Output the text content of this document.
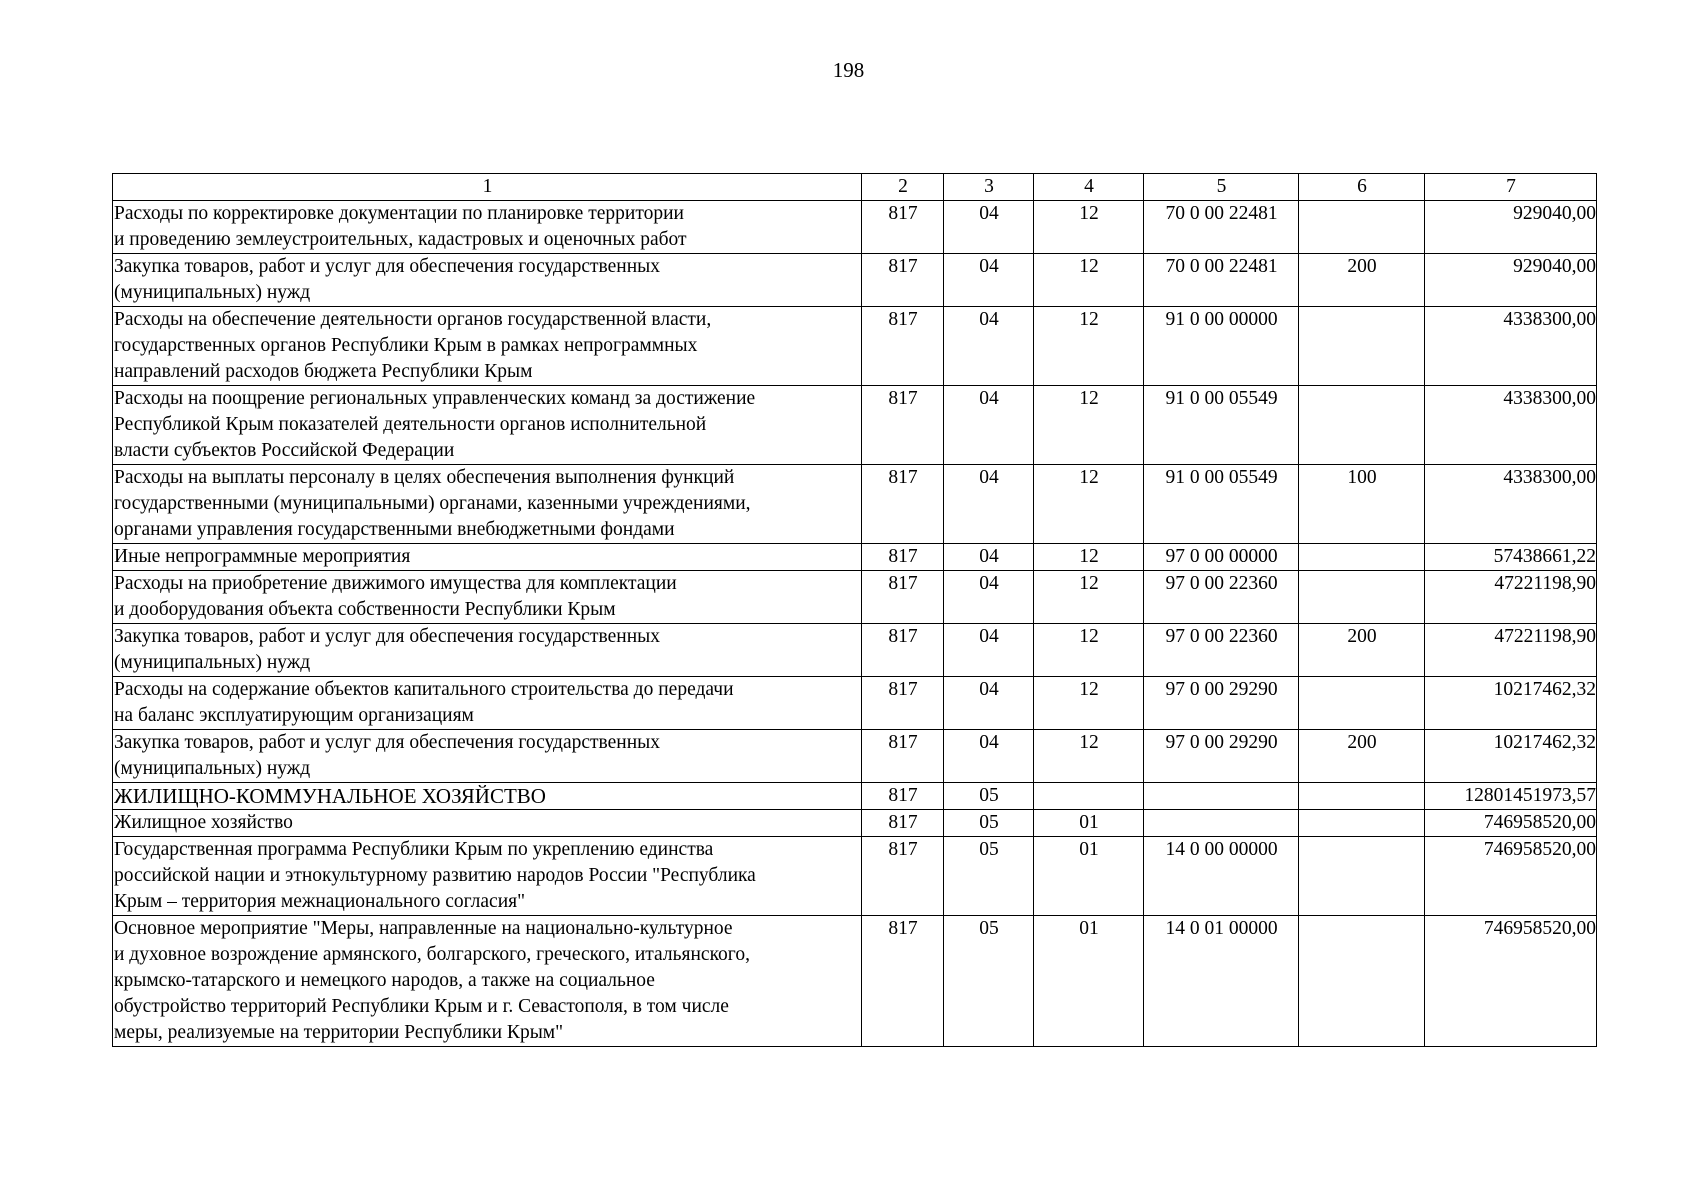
198
1	2	3	4	5	6	7

Расходы по корректировке документации по планировке территории
и проведению землеустроительных, кадастровых и оценочных работ	817	04	12	70 0 00 22481		929040,00

Закупка товаров, работ и услуг для обеспечения государственных
(муниципальных) нужд	817	04	12	70 0 00 22481	200	929040,00

Расходы на обеспечение деятельности органов государственной власти,
государственных органов Республики Крым в рамках непрограммных
направлений расходов бюджета Республики Крым	817	04	12	91 0 00 00000		4338300,00

Расходы на поощрение региональных управленческих команд за достижение
Республикой Крым показателей деятельности органов исполнительной
власти субъектов Российской Федерации	817	04	12	91 0 00 05549		4338300,00

Расходы на выплаты персоналу в целях обеспечения выполнения функций
государственными (муниципальными) органами, казенными учреждениями,
органами управления государственными внебюджетными фондами	817	04	12	91 0 00 05549	100	4338300,00

Иные непрограммные мероприятия	817	04	12	97 0 00 00000		57438661,22

Расходы на приобретение движимого имущества для комплектации
и дооборудования объекта собственности Республики Крым	817	04	12	97 0 00 22360		47221198,90

Закупка товаров, работ и услуг для обеспечения государственных
(муниципальных) нужд	817	04	12	97 0 00 22360	200	47221198,90

Расходы на содержание объектов капитального строительства до передачи
на баланс эксплуатирующим организациям	817	04	12	97 0 00 29290		10217462,32

Закупка товаров, работ и услуг для обеспечения государственных
(муниципальных) нужд	817	04	12	97 0 00 29290	200	10217462,32

ЖИЛИЩНО-КОММУНАЛЬНОЕ ХОЗЯЙСТВО	817	05				12801451973,57

Жилищное хозяйство	817	05	01			746958520,00

Государственная программа Республики Крым по укреплению единства
российской нации и этнокультурному развитию народов России "Республика
Крым – территория межнационального согласия"	817	05	01	14 0 00 00000		746958520,00

Основное мероприятие "Меры, направленные на национально-культурное
и духовное возрождение армянского, болгарского, греческого, итальянского,
крымско-татарского и немецкого народов, а также на социальное
обустройство территорий Республики Крым и г. Севастополя, в том числе
меры, реализуемые на территории Республики Крым"	817	05	01	14 0 01 00000		746958520,00
